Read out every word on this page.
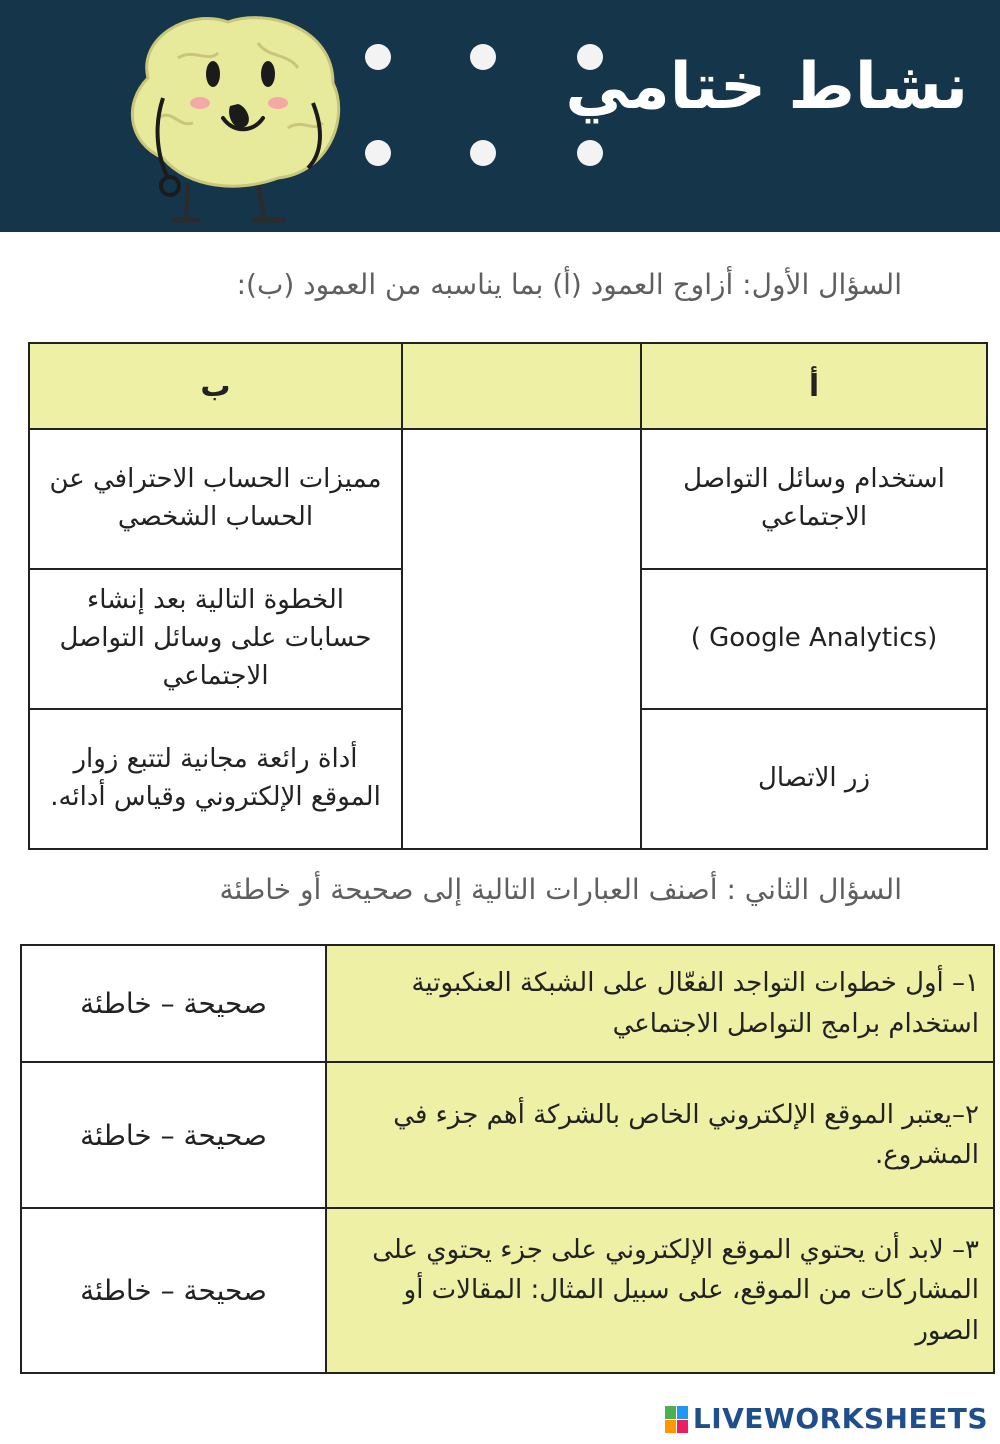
نشاط ختامي
السؤال الأول: أزاوج العمود (أ) بما يناسبه من العمود (ب):
ب		أ
مميزات الحساب الاحترافي عن الحساب الشخصي		استخدام وسائل التواصل الاجتماعي
الخطوة التالية بعد إنشاء حسابات على وسائل التواصل الاجتماعي		(Google Analytics )
أداة رائعة مجانية لتتبع زوار الموقع الإلكتروني وقياس أدائه.		زر الاتصال
السؤال الثاني : أصنف العبارات التالية إلى صحيحة أو خاطئة
صحيحة – خاطئة	١– أول خطوات التواجد الفعّال على الشبكة العنكبوتية استخدام برامج التواصل الاجتماعي
صحيحة – خاطئة	٢–يعتبر الموقع الإلكتروني الخاص بالشركة أهم جزء في المشروع.
صحيحة – خاطئة	٣– لابد أن يحتوي الموقع الإلكتروني على جزء يحتوي على المشاركات من الموقع، على سبيل المثال: المقالات أو الصور
LIVEWORKSHEETS
